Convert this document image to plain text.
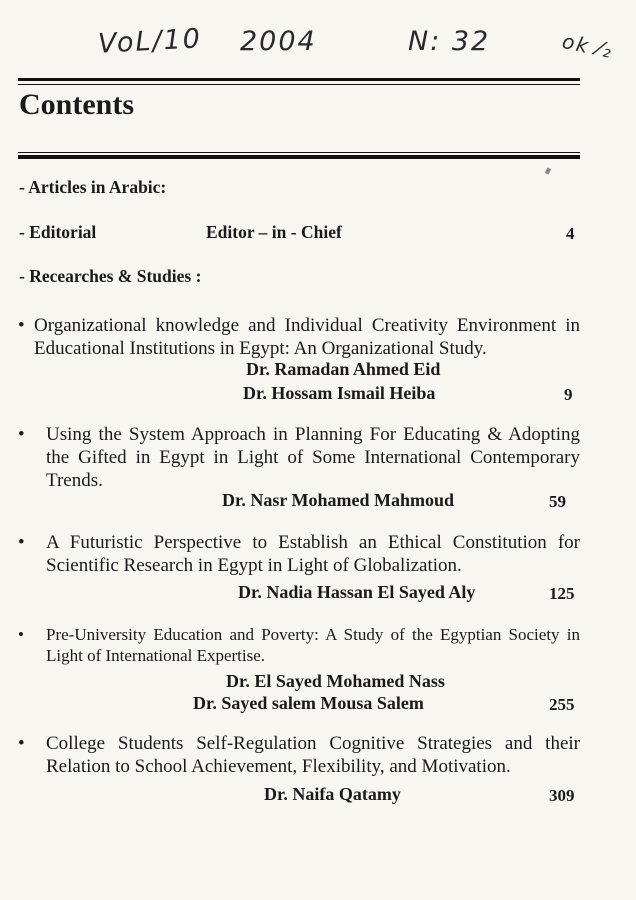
VoL/10 2004	N: 32	ok ⁄₂
Contents
- Articles in Arabic:
- Editorial	Editor – in - Chief	4
- Recearches & Studies :
• Organizational knowledge and Individual Creativity Environment in Educational Institutions in Egypt: An Organizational Study.
Dr. Ramadan Ahmed Eid
Dr. Hossam Ismail Heiba	9
•	Using the System Approach in Planning For Educating & Adopting the Gifted in Egypt in Light of Some International Contemporary Trends.
Dr. Nasr Mohamed Mahmoud	59
•	A Futuristic Perspective to Establish an Ethical Constitution for Scientific Research in Egypt in Light of Globalization.
Dr. Nadia Hassan El Sayed Aly	125
•	Pre-University Education and Poverty: A Study of the Egyptian Society in Light of International Expertise.
Dr. El Sayed Mohamed Nass
Dr. Sayed salem Mousa Salem	255
•	College Students Self-Regulation Cognitive Strategies and their Relation to School Achievement, Flexibility, and Motivation.
Dr. Naifa Qatamy	309
